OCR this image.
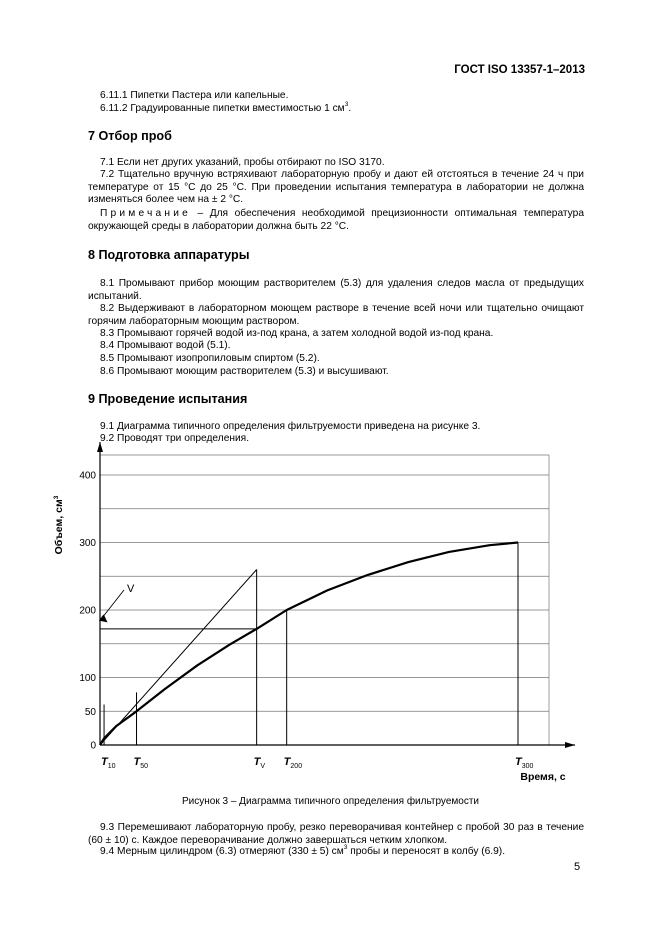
ГОСТ ISO 13357-1–2013
6.11.1 Пипетки Пастера или капельные.
6.11.2 Градуированные пипетки вместимостью 1 $см^3$.
7 Отбор проб
7.1 Если нет других указаний, пробы отбирают по ISO 3170.
7.2 Тщательно вручную встряхивают лабораторную пробу и дают ей отстояться в течение 24 ч при температуре от 15 °С до 25 °С. При проведении испытания температура в лаборатории не должна изменяться более чем на ± 2 °С.
Примечание – Для обеспечения необходимой прецизионности оптимальная температура окружающей среды в лаборатории должна быть 22 °С.
8 Подготовка аппаратуры
8.1 Промывают прибор моющим растворителем (5.3) для удаления следов масла от предыдущих испытаний.
8.2 Выдерживают в лабораторном моющем растворе в течение всей ночи или тщательно очищают горячим лабораторным моющим раствором.
8.3 Промывают горячей водой из-под крана, а затем холодной водой из-под крана.
8.4 Промывают водой (5.1).
8.5 Промывают изопропиловым спиртом (5.2).
8.6 Промывают моющим растворителем (5.3) и высушивают.
9 Проведение испытания
9.1 Диаграмма типичного определения фильтруемости приведена на рисунке 3.
9.2 Проводят три определения.
0
50
100
200
300
400
$T_{10}$ $T_{50}$	$T_V$ $T_{200}$	$T_{300}$
Объем, $см^3$
Время, с
V
Рисунок 3 – Диаграмма типичного определения фильтруемости
9.3 Перемешивают лабораторную пробу, резко переворачивая контейнер с пробой 30 раз в течение (60 ± 10) с. Каждое переворачивание должно завершаться четким хлопком.
9.4 Мерным цилиндром (6.3) отмеряют (330 ± 5) $см^3$ пробы и переносят в колбу (6.9).
5
